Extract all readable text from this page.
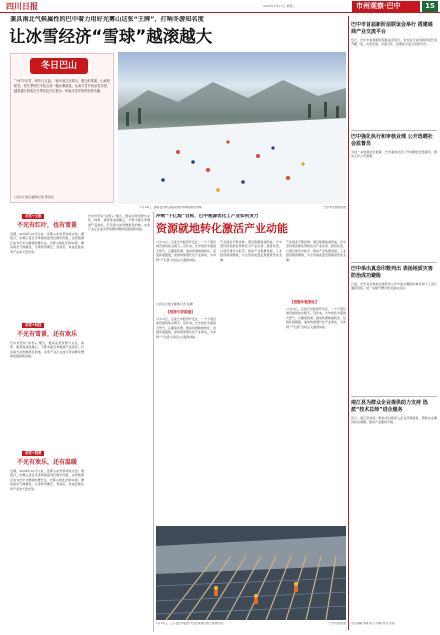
四川日报	2025年1月21日 星期二	市州观察·巴中	15
兼具南北气候属性的巴中着力用好光雾山这张“王牌”，打响冬游知名度
让冰雪经济“雪球”越滚越大
冬日巴山
“小时不识雪，呼作白玉盘。”驱车前往光雾山，路边的雾凇、山间的积雪，将冬季的巴中装点成一幅水墨画卷。从南方雪乡到冰雪乐园，越来越多游客在冬季奔赴巴山蜀水，体验冰雪带来的别样乐趣。
□四川日报全媒体记者 周洪双
1月14日，游客在光雾山国际滑雪场体验滑雪乐趣。	巴中市文旅局供图
冰雪+文旅
不光有红叶，也有雪景
近期，2024年12月以来，光雾山冰雪季持续火热。据统计，光雾山景区冬季游客量同比增长明显，冰雪旅游正成为巴中文旅新的增长点。光雾山地处北纬32度，兼具南北气候属性，冬季积雪期长，雪质好，具备发展冰雪产业的天然优势。
冰雪+科技
不光有雪景，还有欢乐
巴中市坚持“冰雪+”理念，推动冰雪资源与文化、体育、康养等深度融合，不断丰富冬季旅游产品供给，打造南方冰雪旅游目的地。冰雪产业正在成为带动群众增收致富的新动能。
冰雪+消费
不光有欢乐，还有温暖
近期，2024年12月以来，光雾山冰雪季持续火热。据统计，光雾山景区冬季游客量同比增长明显，冰雪旅游正成为巴中文旅新的增长点。光雾山地处北纬32度，兼具南北气候属性，冬季积雪期长，雪质好，具备发展冰雪产业的天然优势。
巴中市坚持“冰雪+”理念，推动冰雪资源与文化、体育、康养等深度融合，不断丰富冬季旅游产品供给，打造南方冰雪旅游目的地。冰雪产业正在成为带动群众增收致富的新动能。
冲刺“千亿级”目标，巴中税源优化工产业如何发力
资源就地转化激活产业动能
1月15日，走进巴中经济开发区，一个个项目建设现场热火朝天。近年来，巴中依托丰富的天然气、石墨等资源，推动资源就地转化，延链补链强链，加快构建现代化产业体系，为冲刺“千亿级”目标注入强劲动能。
□四川日报全媒体记者 张晓
【招商引资提速】
1月15日，走进巴中经济开发区，一个个项目建设现场热火朝天。近年来，巴中依托丰富的天然气、石墨等资源，推动资源就地转化，延链补链强链，加快构建现代化产业体系，为冲刺“千亿级”目标注入强劲动能。
产业链条不断延伸，项目集群加速形成。巴中坚持把资源优势转化为产业优势、经济优势，以项目建设为抓手，推动产业集群发展，工业经济提质增效，为全市高质量发展提供坚实支撑。
【延链补链强化】
产业链条不断延伸，项目集群加速形成。巴中坚持把资源优势转化为产业优势、经济优势，以项目建设为抓手，推动产业集群发展，工业经济提质增效，为全市高质量发展提供坚实支撑。
1月15日，走进巴中经济开发区，一个个项目建设现场热火朝天。近年来，巴中依托丰富的天然气、石墨等资源，推动资源就地转化，延链补链强链，加快构建现代化产业体系，为冲刺“千亿级”目标注入强劲动能。
1月15日，工人在巴中经济开发区某项目施工现场作业。	巴中日报供图
巴中市首届新阶层联谊会举行 搭建通商产业交流平台
近日，巴中市首届新阶层联谊会举行，来自各行业的新阶层代表齐聚一堂，共话发展、共谋合作，搭建起交流互动的平台。
巴中强化执行和审核业理 公开选聘社会监督员
为进一步加强社会监督，巴中面向社会公开选聘社会监督员，推动工作公开透明。
巴中举出真念印数列出 表扬地质灾害防治成功避险
日前，巴中对在地质灾害防治工作中成功避险的单位和个人进行通报表扬，进一步提升群众防灾减灾意识。
南江县为群众企业提供助力支持 选派“技术总师”进企服务
近日，南江县选派一批技术总师深入企业开展服务，帮助企业解决技术难题，推动产业提档升级。
责任编辑 黄维 版式 李鹏 校对 吴娟
